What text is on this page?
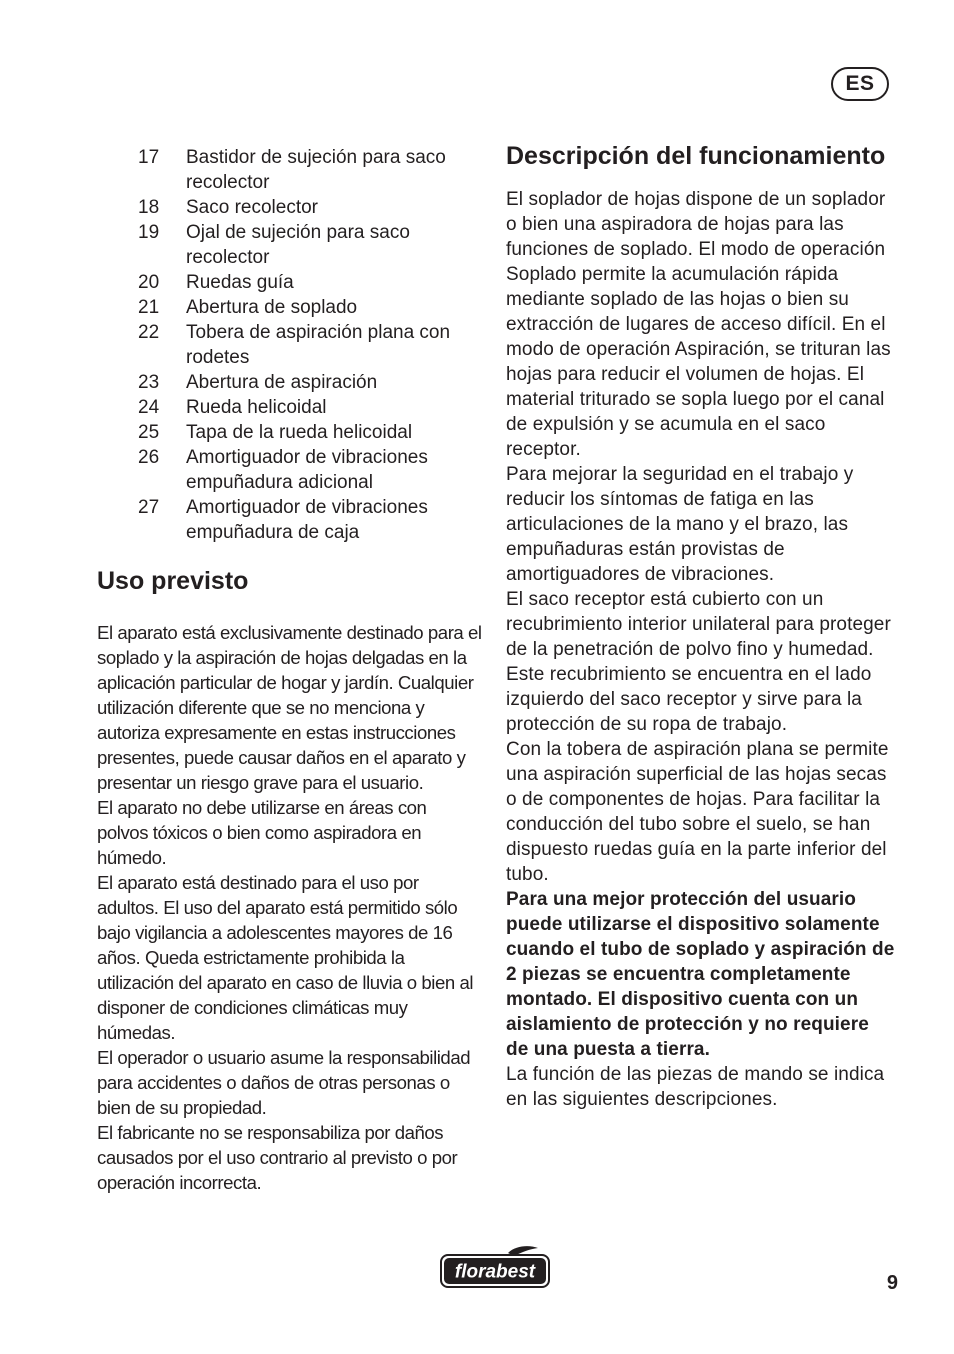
ES
17	Bastidor de sujeción para saco recolector
18	Saco recolector
19	Ojal de sujeción para saco recolector
20	Ruedas guía
21	Abertura de soplado
22	Tobera de aspiración plana con rodetes
23	Abertura de aspiración
24	Rueda helicoidal
25	Tapa de la rueda helicoidal
26	Amortiguador de vibraciones empuñadura adicional
27	Amortiguador de vibraciones empuñadura de caja
Uso previsto

El aparato está exclusivamente destinado para el soplado y la aspiración de hojas delgadas en la aplicación particular de hogar y jardín. Cualquier utilización diferente que se no menciona y autoriza expresamente en estas instrucciones presentes, puede causar daños en el aparato y presentar un riesgo grave para el usuario.

El aparato no debe utilizarse en áreas con polvos tóxicos o bien como aspiradora en húmedo.

El aparato está destinado para el uso por adultos. El uso del aparato está permitido sólo bajo vigilancia a adolescentes mayores de 16 años. Queda estrictamente prohibida la utilización del aparato en caso de lluvia o bien al disponer de condiciones climáticas muy húmedas.

El operador o usuario asume la responsabilidad para accidentes o daños de otras personas o bien de su propiedad.

El fabricante no se responsabiliza por daños causados por el uso contrario al previsto o por operación incorrecta.

Descripción del funcionamiento

El soplador de hojas dispone de un soplador o bien una aspiradora de hojas para las funciones de soplado. El modo de operación Soplado permite la acumulación rápida mediante soplado de las hojas o bien su extracción de lugares de acceso difícil. En el modo de operación Aspiración, se trituran las hojas para reducir el volumen de hojas. El material triturado se sopla luego por el canal de expulsión y se acumula en el saco receptor.

Para mejorar la seguridad en el trabajo y reducir los síntomas de fatiga en las articulaciones de la mano y el brazo, las empuñaduras están provistas de amortiguadores de vibraciones.

El saco receptor está cubierto con un recubrimiento interior unilateral para proteger de la penetración de polvo fino y humedad. Este recubrimiento se encuentra en el lado izquierdo del saco receptor y sirve para la protección de su ropa de trabajo.

Con la tobera de aspiración plana se permite una aspiración superficial de las hojas secas o de componentes de hojas. Para facilitar la conducción del tubo sobre el suelo, se han dispuesto ruedas guía en la parte inferior del tubo.

Para una mejor protección del usuario puede utilizarse el dispositivo solamente cuando el tubo de soplado y aspiración de 2 piezas se encuentra completamente montado. El dispositivo cuenta con un aislamiento de protección y no requiere de una puesta a tierra.

La función de las piezas de mando se indica en las siguientes descripciones.

florabest	9
